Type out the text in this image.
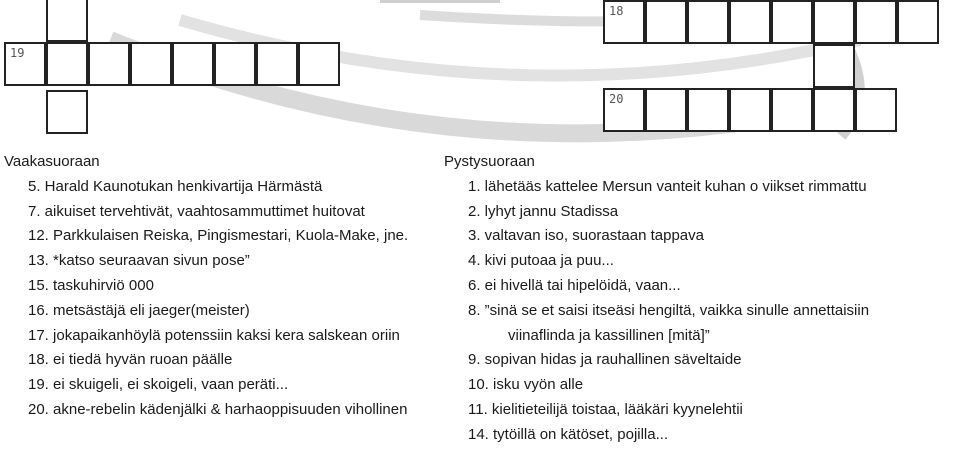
19
18
20
Vaakasuoraan
5. Harald Kaunotukan henkivartija Härmästä
7. aikuiset tervehtivät, vaahtosammuttimet huitovat
12. Parkkulaisen Reiska, Pingismestari, Kuola-Make, jne.
13. *katso seuraavan sivun pose”
15. taskuhirviö 000
16. metsästäjä eli jaeger(meister)
17. jokapaikanhöylä potenssiin kaksi kera salskean oriin
18. ei tiedä hyvän ruoan päälle
19. ei skuigeli, ei skoigeli, vaan peräti...
20. akne-rebelin kädenjälki & harhaoppisuuden vihollinen
Pystysuoraan
1. lähetääs kattelee Mersun vanteit kuhan o viikset rimmattu
2. lyhyt jannu Stadissa
3. valtavan iso, suorastaan tappava
4. kivi putoaa ja puu...
6. ei hivellä tai hipelöidä, vaan...
8. ”sinä se et saisi itseäsi hengiltä, vaikka sinulle annettaisiin
viinaflinda ja kassillinen [mitä]”
9. sopivan hidas ja rauhallinen säveltaide
10. isku vyön alle
11. kielitieteilijä toistaa, lääkäri kyynelehtii
14. tytöillä on kätöset, pojilla...
